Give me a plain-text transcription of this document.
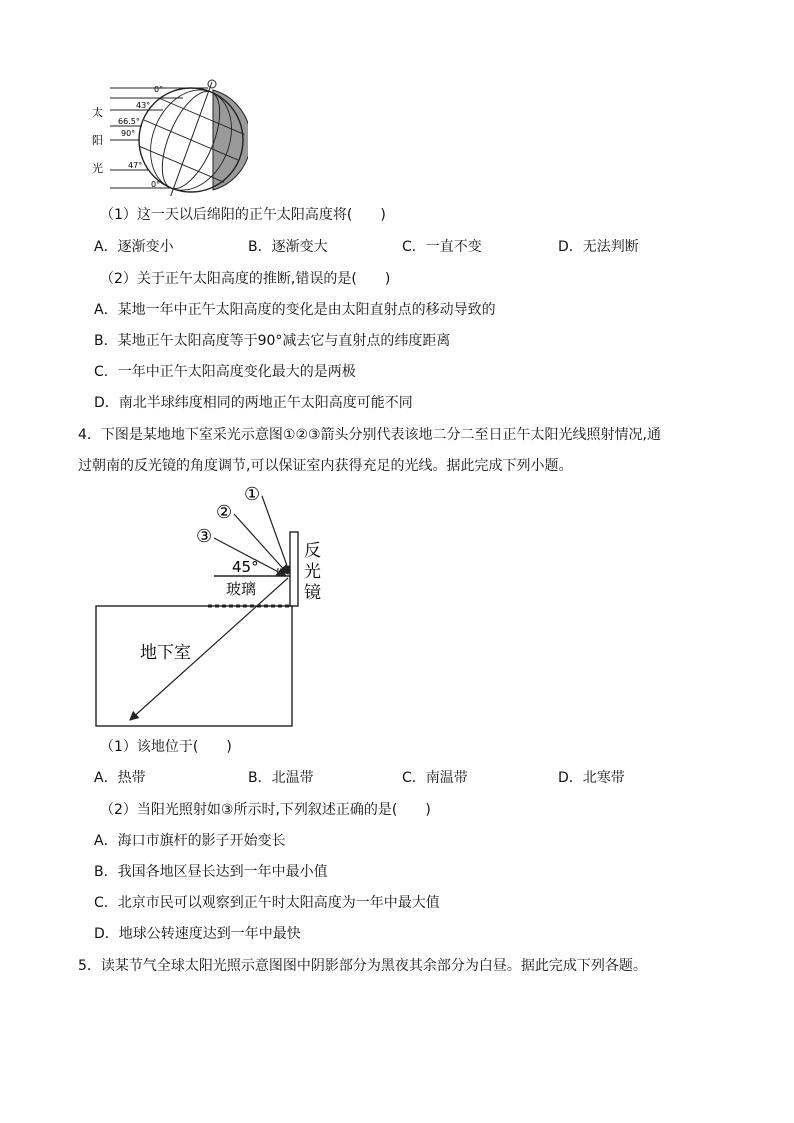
0°
43°
66.5°
90°
47°
0°
太
阳
光
（1）这一天以后绵阳的正午太阳高度将(　　)
A．逐渐变小	B．逐渐变大	C．一直不变	D．无法判断
（2）关于正午太阳高度的推断,错误的是(　　)
A．某地一年中正午太阳高度的变化是由太阳直射点的移动导致的
B．某地正午太阳高度等于90°减去它与直射点的纬度距离
C．一年中正午太阳高度变化最大的是两极
D．南北半球纬度相同的两地正午太阳高度可能不同
4．下图是某地地下室采光示意图①②③箭头分别代表该地二分二至日正午太阳光线照射情况,通
过朝南的反光镜的角度调节,可以保证室内获得充足的光线。据此完成下列小题。
①
②
③
45°
玻璃
反
光
镜
地下室
（1）该地位于(　　)
A．热带	B．北温带	C．南温带	D．北寒带
（2）当阳光照射如③所示时,下列叙述正确的是(　　)
A．海口市旗杆的影子开始变长
B．我国各地区昼长达到一年中最小值
C．北京市民可以观察到正午时太阳高度为一年中最大值
D．地球公转速度达到一年中最快
5．读某节气全球太阳光照示意图图中阴影部分为黑夜其余部分为白昼。据此完成下列各题。
